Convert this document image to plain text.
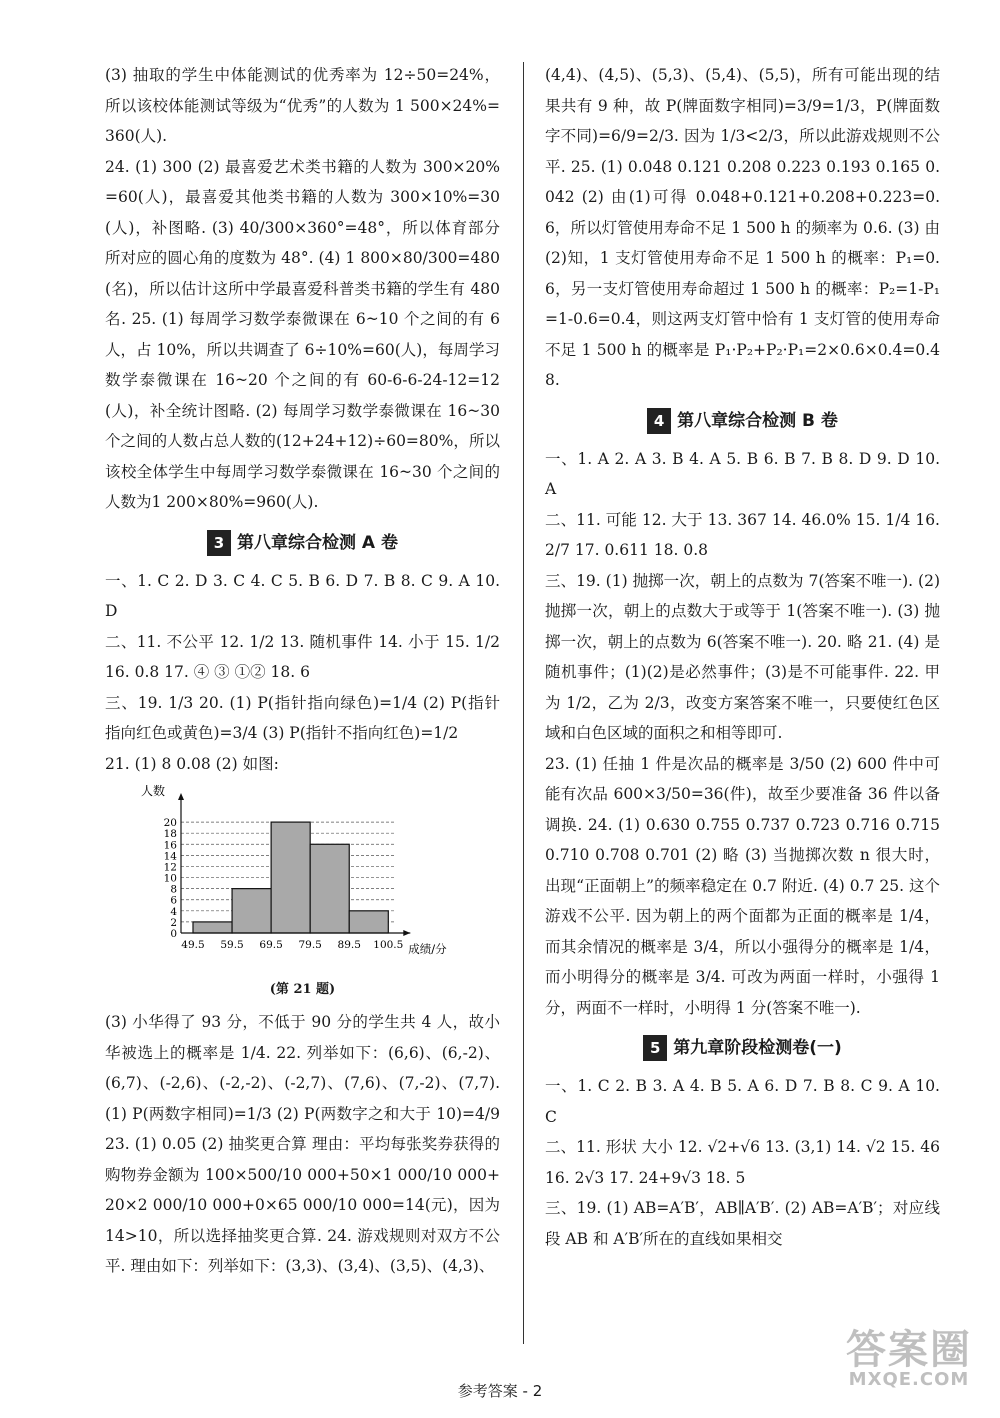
(3) 抽取的学生中体能测试的优秀率为 12÷50=24%，所以该校体能测试等级为“优秀”的人数为 1 500×24%=360(人).

24. (1) 300 (2) 最喜爱艺术类书籍的人数为 300×20%=60(人)，最喜爱其他类书籍的人数为 300×10%=30(人)，补图略. (3) 40/300×360°=48°，所以体育部分所对应的圆心角的度数为 48°. (4) 1 800×80/300=480(名)，所以估计这所中学最喜爱科普类书籍的学生有 480 名. 25. (1) 每周学习数学泰微课在 6~10 个之间的有 6 人，占 10%，所以共调查了 6÷10%=60(人)，每周学习数学泰微课在 16~20 个之间的有 60-6-6-24-12=12(人)，补全统计图略. (2) 每周学习数学泰微课在 16~30 个之间的人数占总人数的(12+24+12)÷60=80%，所以该校全体学生中每周学习数学泰微课在 16~30 个之间的人数为1 200×80%=960(人).

3 第八章综合检测 A 卷

一、1. C 2. D 3. C 4. C 5. B 6. D 7. B 8. C 9. A 10. D

二、11. 不公平 12. 1/2 13. 随机事件 14. 小于 15. 1/2 16. 0.8 17. ④ ③ ①② 18. 6

三、19. 1/3 20. (1) P(指针指向绿色)=1/4 (2) P(指针指向红色或黄色)=3/4 (3) P(指针不指向红色)=1/2

21. (1) 8 0.08 (2) 如图:

人数
0
2
4
6
8
10
12
14
16
18
20
49.5 59.5 69.5 79.5 89.5 100.5 成绩/分
(第 21 题)

(3) 小华得了 93 分，不低于 90 分的学生共 4 人，故小华被选上的概率是 1/4. 22. 列举如下：(6,6)、(6,-2)、(6,7)、(-2,6)、(-2,-2)、(-2,7)、(7,6)、(7,-2)、(7,7). (1) P(两数字相同)=1/3 (2) P(两数字之和大于 10)=4/9 23. (1) 0.05 (2) 抽奖更合算 理由：平均每张奖券获得的购物券金额为 100×500/10 000+50×1 000/10 000+20×2 000/10 000+0×65 000/10 000=14(元)，因为 14>10，所以选择抽奖更合算. 24. 游戏规则对双方不公平. 理由如下：列举如下：(3,3)、(3,4)、(3,5)、(4,3)、

(4,4)、(4,5)、(5,3)、(5,4)、(5,5)，所有可能出现的结果共有 9 种，故 P(牌面数字相同)=3/9=1/3，P(牌面数字不同)=6/9=2/3. 因为 1/3<2/3，所以此游戏规则不公平. 25. (1) 0.048 0.121 0.208 0.223 0.193 0.165 0.042 (2) 由(1)可得 0.048+0.121+0.208+0.223=0.6，所以灯管使用寿命不足 1 500 h 的频率为 0.6. (3) 由(2)知，1 支灯管使用寿命不足 1 500 h 的概率：P₁=0.6，另一支灯管使用寿命超过 1 500 h 的概率：P₂=1-P₁=1-0.6=0.4，则这两支灯管中恰有 1 支灯管的使用寿命不足 1 500 h 的概率是 P₁·P₂+P₂·P₁=2×0.6×0.4=0.48.

4 第八章综合检测 B 卷

一、1. A 2. A 3. B 4. A 5. B 6. B 7. B 8. D 9. D 10. A

二、11. 可能 12. 大于 13. 367 14. 46.0% 15. 1/4 16. 2/7 17. 0.611 18. 0.8

三、19. (1) 抛掷一次，朝上的点数为 7(答案不唯一). (2) 抛掷一次，朝上的点数大于或等于 1(答案不唯一). (3) 抛掷一次，朝上的点数为 6(答案不唯一). 20. 略 21. (4) 是随机事件；(1)(2)是必然事件；(3)是不可能事件. 22. 甲为 1/2，乙为 2/3，改变方案答案不唯一，只要使红色区域和白色区域的面积之和相等即可.

23. (1) 任抽 1 件是次品的概率是 3/50 (2) 600 件中可能有次品 600×3/50=36(件)，故至少要准备 36 件以备调换. 24. (1) 0.630 0.755 0.737 0.723 0.716 0.715 0.710 0.708 0.701 (2) 略 (3) 当抛掷次数 n 很大时，出现“正面朝上”的频率稳定在 0.7 附近. (4) 0.7 25. 这个游戏不公平. 因为朝上的两个面都为正面的概率是 1/4，而其余情况的概率是 3/4，所以小强得分的概率是 1/4，而小明得分的概率是 3/4. 可改为两面一样时，小强得 1 分，两面不一样时，小明得 1 分(答案不唯一).

5 第九章阶段检测卷(一)

一、1. C 2. B 3. A 4. B 5. A 6. D 7. B 8. C 9. A 10. C

二、11. 形状 大小 12. √2+√6 13. (3,1) 14. √2 15. 46 16. 2√3 17. 24+9√3 18. 5

三、19. (1) AB=A′B′，AB∥A′B′. (2) AB=A′B′；对应线段 AB 和 A′B′所在的直线如果相交

参考答案 - 2
答案圈
MXQE.COM
